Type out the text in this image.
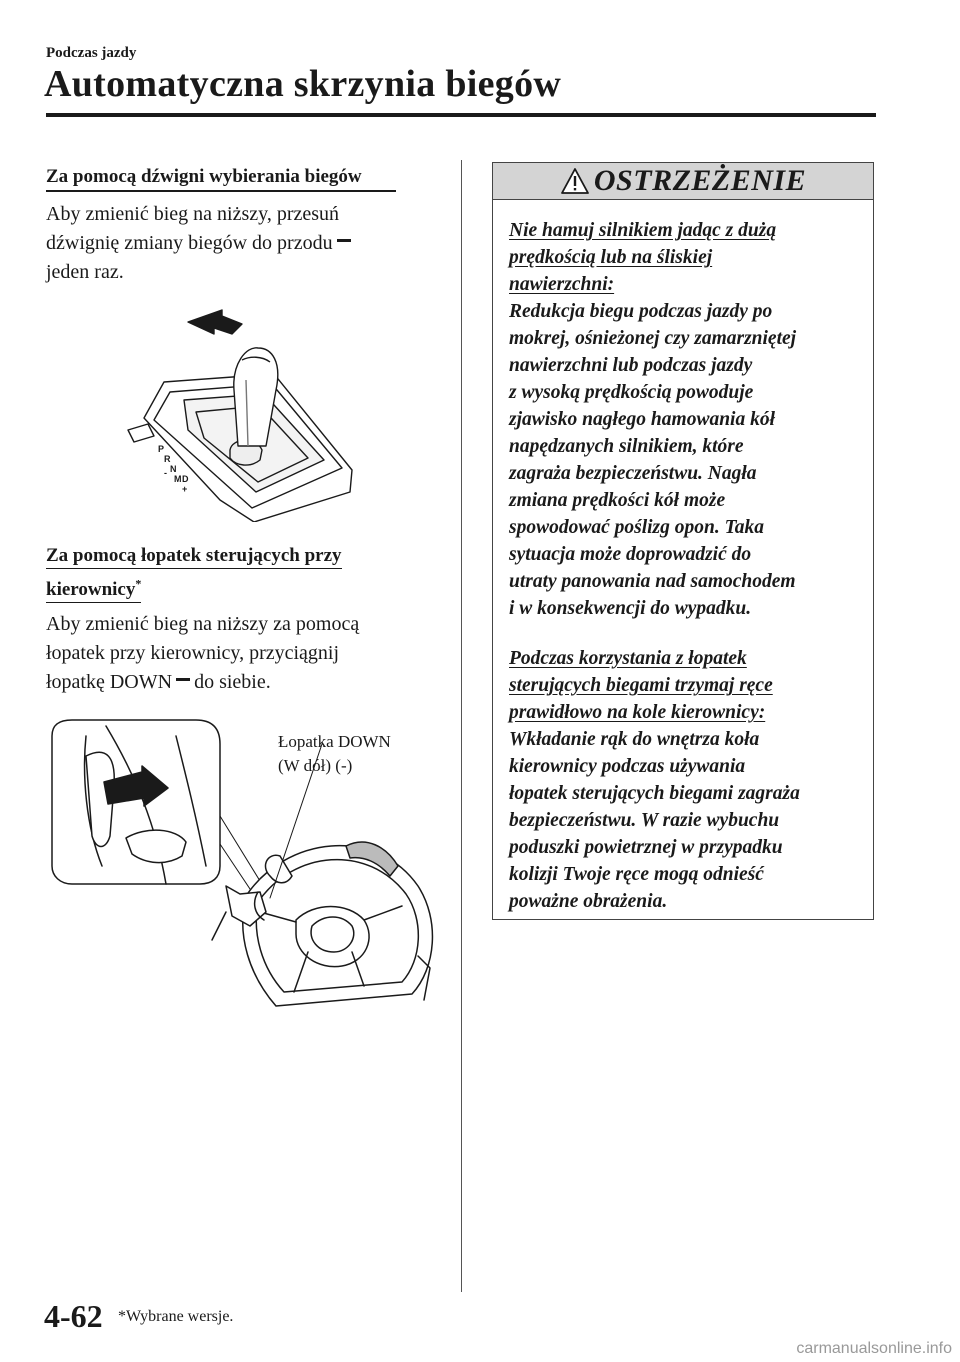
Podczas jazdy
Automatyczna skrzynia biegów
Za pomocą dźwigni wybierania biegów
Aby zmienić bieg na niższy, przesuń
dźwignię zmiany biegów do przodu
jeden raz.
P
R
N
D
M
+
-
Za pomocą łopatek sterujących przy
kierownicy*
Aby zmienić bieg na niższy za pomocą
łopatek przy kierownicy, przyciągnij
łopatkę DOWN do siebie.
Łopatka DOWN
(W dół) (-)
OSTRZEŻENIE
Nie hamuj silnikiem jadąc z dużą
prędkością lub na śliskiej
nawierzchni:
Redukcja biegu podczas jazdy po
mokrej, ośnieżonej czy zamarzniętej
nawierzchni lub podczas jazdy
z wysoką prędkością powoduje
zjawisko nagłego hamowania kół
napędzanych silnikiem, które
zagraża bezpieczeństwu. Nagła
zmiana prędkości kół może
spowodować poślizg opon. Taka
sytuacja może doprowadzić do
utraty panowania nad samochodem
i w konsekwencji do wypadku.
Podczas korzystania z łopatek
sterujących biegami trzymaj ręce
prawidłowo na kole kierownicy:
Wkładanie rąk do wnętrza koła
kierownicy podczas używania
łopatek sterujących biegami zagraża
bezpieczeństwu. W razie wybuchu
poduszki powietrznej w przypadku
kolizji Twoje ręce mogą odnieść
poważne obrażenia.
4-62 *Wybrane wersje.
carmanualsonline.info
